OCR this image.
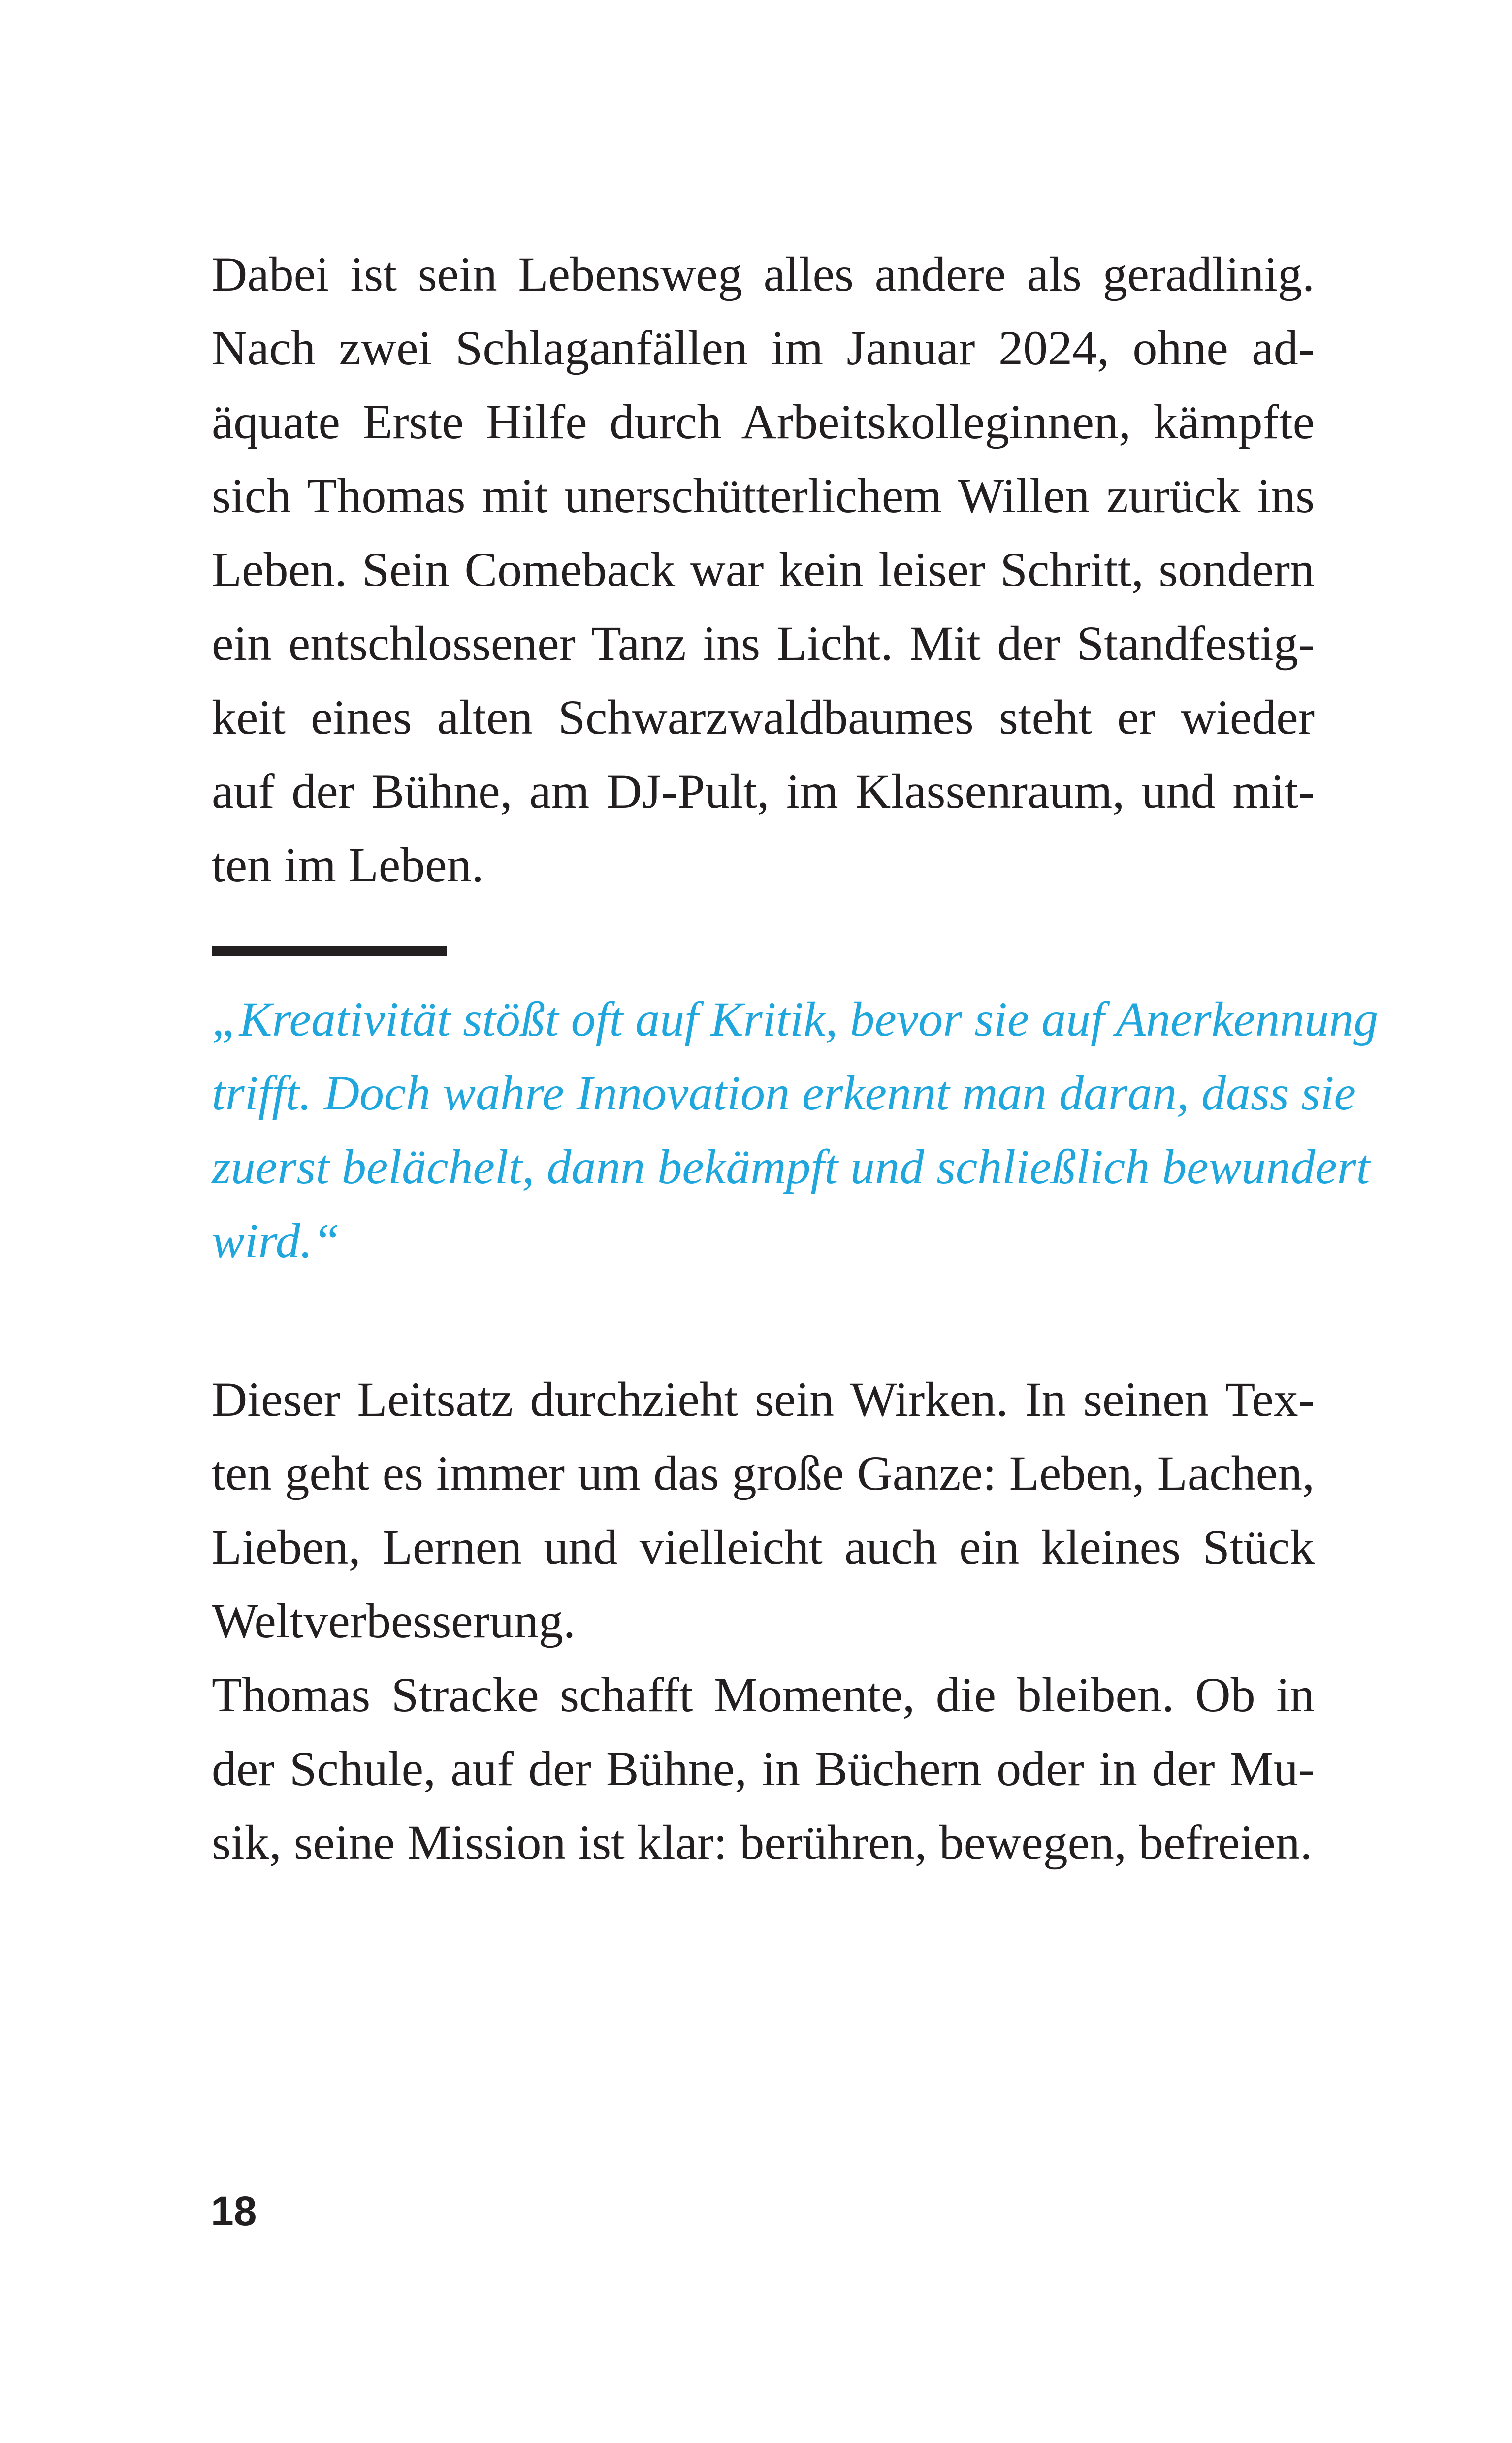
Dabei ist sein Lebensweg alles andere als geradlinig.

Nach zwei Schlaganfällen im Januar 2024, ohne ad-

äquate Erste Hilfe durch Arbeitskolleginnen, kämpfte

sich Thomas mit unerschütterlichem Willen zurück ins

Leben. Sein Comeback war kein leiser Schritt, sondern

ein entschlossener Tanz ins Licht. Mit der Standfestig-

keit eines alten Schwarzwaldbaumes steht er wieder

auf der Bühne, am DJ-Pult, im Klassenraum, und mit-

ten im Leben.

„Kreativität stößt oft auf Kritik, bevor sie auf Anerkennung

trifft. Doch wahre Innovation erkennt man daran, dass sie

zuerst belächelt, dann bekämpft und schließlich bewundert

wird.“

Dieser Leitsatz durchzieht sein Wirken. In seinen Tex-

ten geht es immer um das große Ganze: Leben, Lachen,

Lieben, Lernen und vielleicht auch ein kleines Stück

Weltverbesserung.

Thomas Stracke schafft Momente, die bleiben. Ob in

der Schule, auf der Bühne, in Büchern oder in der Mu-

sik, seine Mission ist klar: berühren, bewegen, befreien.

18
